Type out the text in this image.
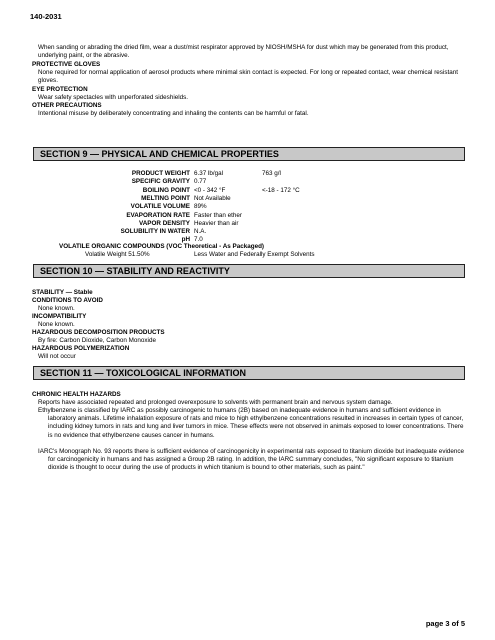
140-2031
When sanding or abrading the dried film, wear a dust/mist respirator approved by NIOSH/MSHA for dust which may be generated from this product, underlying paint, or the abrasive.
PROTECTIVE GLOVES
None required for normal application of aerosol products where minimal skin contact is expected. For long or repeated contact, wear chemical resistant gloves.
EYE PROTECTION
Wear safety spectacles with unperforated sideshields.
OTHER PRECAUTIONS
Intentional misuse by deliberately concentrating and inhaling the contents can be harmful or fatal.
SECTION 9 — PHYSICAL AND CHEMICAL PROPERTIES
PRODUCT WEIGHT 6.37 lb/gal	763 g/l
SPECIFIC GRAVITY 0.77
BOILING POINT <0 - 342 °F	<-18 - 172 °C
MELTING POINT Not Available
VOLATILE VOLUME 89%
EVAPORATION RATE Faster than ether
VAPOR DENSITY Heavier than air
SOLUBILITY IN WATER N.A.
pH 7.0
VOLATILE ORGANIC COMPOUNDS (VOC Theoretical - As Packaged)
Volatile Weight 51.50%	Less Water and Federally Exempt Solvents
SECTION 10 — STABILITY AND REACTIVITY
STABILITY — Stable
CONDITIONS TO AVOID
None known.
INCOMPATIBILITY
None known.
HAZARDOUS DECOMPOSITION PRODUCTS
By fire: Carbon Dioxide, Carbon Monoxide
HAZARDOUS POLYMERIZATION
Will not occur
SECTION 11 — TOXICOLOGICAL INFORMATION
CHRONIC HEALTH HAZARDS
Reports have associated repeated and prolonged overexposure to solvents with permanent brain and nervous system damage.
Ethylbenzene is classified by IARC as possibly carcinogenic to humans (2B) based on inadequate evidence in humans and sufficient evidence in laboratory animals. Lifetime inhalation exposure of rats and mice to high ethylbenzene concentrations resulted in increases in certain types of cancer, including kidney tumors in rats and lung and liver tumors in mice. These effects were not observed in animals exposed to lower concentrations. There is no evidence that ethylbenzene causes cancer in humans.
IARC's Monograph No. 93 reports there is sufficient evidence of carcinogenicity in experimental rats exposed to titanium dioxide but inadequate evidence for carcinogenicity in humans and has assigned a Group 2B rating. In addition, the IARC summary concludes, "No significant exposure to titanium dioxide is thought to occur during the use of products in which titanium is bound to other materials, such as paint."
page 3 of 5
